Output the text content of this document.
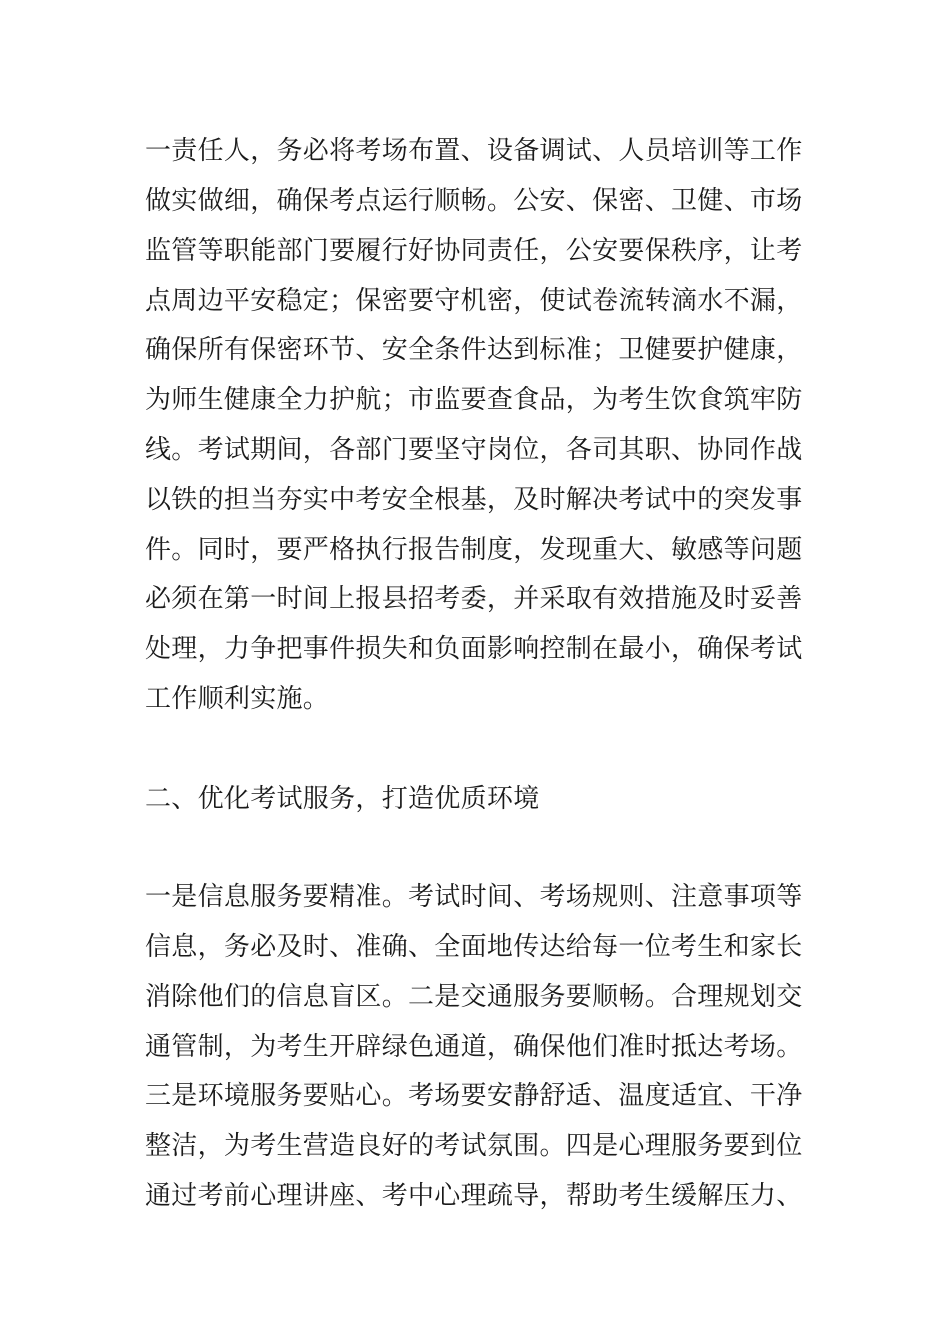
一责任人，务必将考场布置、设备调试、人员培训等工作
做实做细，确保考点运行顺畅。公安、保密、卫健、市场
监管等职能部门要履行好协同责任，公安要保秩序，让考
点周边平安稳定；保密要守机密，使试卷流转滴水不漏，
确保所有保密环节、安全条件达到标准；卫健要护健康，
为师生健康全力护航；市监要查食品，为考生饮食筑牢防
线。考试期间，各部门要坚守岗位，各司其职、协同作战
以铁的担当夯实中考安全根基，及时解决考试中的突发事
件。同时，要严格执行报告制度，发现重大、敏感等问题
必须在第一时间上报县招考委，并采取有效措施及时妥善
处理，力争把事件损失和负面影响控制在最小，确保考试
工作顺利实施。
二、优化考试服务，打造优质环境
一是信息服务要精准。考试时间、考场规则、注意事项等
信息，务必及时、准确、全面地传达给每一位考生和家长
消除他们的信息盲区。二是交通服务要顺畅。合理规划交
通管制，为考生开辟绿色通道，确保他们准时抵达考场。
三是环境服务要贴心。考场要安静舒适、温度适宜、干净
整洁，为考生营造良好的考试氛围。四是心理服务要到位
通过考前心理讲座、考中心理疏导，帮助考生缓解压力、
